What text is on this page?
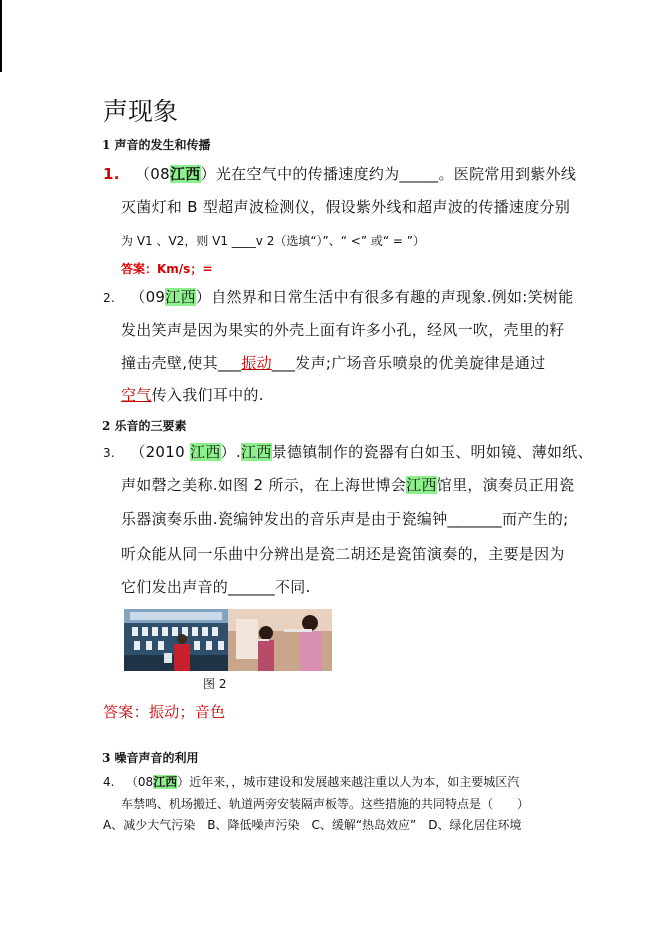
声现象
1 声音的发生和传播
1. （08江西）光在空气中的传播速度约为_____。医院常用到紫外线
灭菌灯和 B 型超声波检测仪，假设紫外线和超声波的传播速度分别
为 V1 、V2，则 V1 ____v 2（选填“）”、“ <” 或“ = ”）
答案：Km/s；=
2. （09江西）自然界和日常生活中有很多有趣的声现象.例如:笑树能
发出笑声是因为果实的外壳上面有许多小孔，经风一吹，壳里的籽
撞击壳壁,使其___振动___发声;广场音乐喷泉的优美旋律是通过
空气传入我们耳中的.
2 乐音的三要素
3. （2010 江西）.江西景德镇制作的瓷器有白如玉、明如镜、薄如纸、
声如磬之美称.如图 2 所示，在上海世博会江西馆里，演奏员正用瓷
乐器演奏乐曲.瓷编钟发出的音乐声是由于瓷编钟_______而产生的;
听众能从同一乐曲中分辨出是瓷二胡还是瓷笛演奏的，主要是因为
它们发出声音的______不同.
图 2
答案：振动；音色
3 噪音声音的利用
4. （08江西）近年来，，城市建设和发展越来越注重以人为本，如主要城区汽
车禁鸣、机场搬迁、轨道两旁安装隔声板等。这些措施的共同特点是（　　）
A、减少大气污染　B、降低噪声污染　C、缓解“热岛效应”　D、绿化居住环境
